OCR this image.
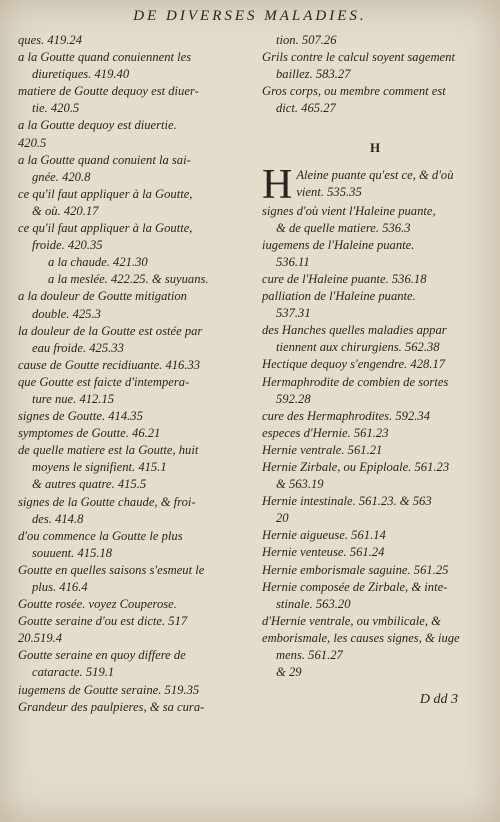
DE DIVERSES MALADIES.

ques. 419.24

a la Goutte quand conuiennent les

diuretiques. 419.40

matiere de Goutte dequoy est diuer-

tie. 420.5

a la Goutte dequoy est diuertie.

420.5

a la Goutte quand conuient la sai-

gnée. 420.8

ce qu'il faut appliquer à la Goutte,

& où. 420.17

ce qu'il faut appliquer à la Goutte,

froide. 420.35

a la chaude. 421.30

a la meslée. 422.25. & suyuans.

a la douleur de Goutte mitigation

double. 425.3

la douleur de la Goutte est ostée par

eau froide. 425.33

cause de Goutte recidiuante. 416.33

que Goutte est faicte d'intempera-

ture nue. 412.15

signes de Goutte. 414.35

symptomes de Goutte. 46.21

de quelle matiere est la Goutte, huit

moyens le signifient. 415.1

& autres quatre. 415.5

signes de la Goutte chaude, & froi-

des. 414.8

d'ou commence la Goutte le plus

souuent. 415.18

Goutte en quelles saisons s'esmeut le

plus. 416.4

Goutte rosée. voyez Couperose.

Goutte seraine d'ou est dicte. 517

20.519.4

Goutte seraine en quoy differe de

cataracte. 519.1

iugemens de Goutte seraine. 519.35

Grandeur des paulpieres, & sa cura-

tion. 507.26

Grils contre le calcul soyent sagement

baillez. 583.27

Gros corps, ou membre comment est

dict. 465.27

H

H Aleine puante qu'est ce, & d'où

vient. 535.35

signes d'où vient l'Haleine puante,

& de quelle matiere. 536.3

iugemens de l'Haleine puante.

536.11

cure de l'Haleine puante. 536.18

palliation de l'Haleine puante.

537.31

des Hanches quelles maladies appar

tiennent aux chirurgiens. 562.38

Hectique dequoy s'engendre. 428.17

Hermaphrodite de combien de sortes

592.28

cure des Hermaphrodites. 592.34

especes d'Hernie. 561.23

Hernie ventrale. 561.21

Hernie Zirbale, ou Epiploale. 561.23

& 563.19

Hernie intestinale. 561.23. & 563

20

Hernie aigueuse. 561.14

Hernie venteuse. 561.24

Hernie emborismale saguine. 561.25

Hernie composée de Zirbale, & inte-

stinale. 563.20

d'Hernie ventrale, ou vmbilicale, &

emborismale, les causes signes, & iuge

mens. 561.27

& 29

D dd 3
